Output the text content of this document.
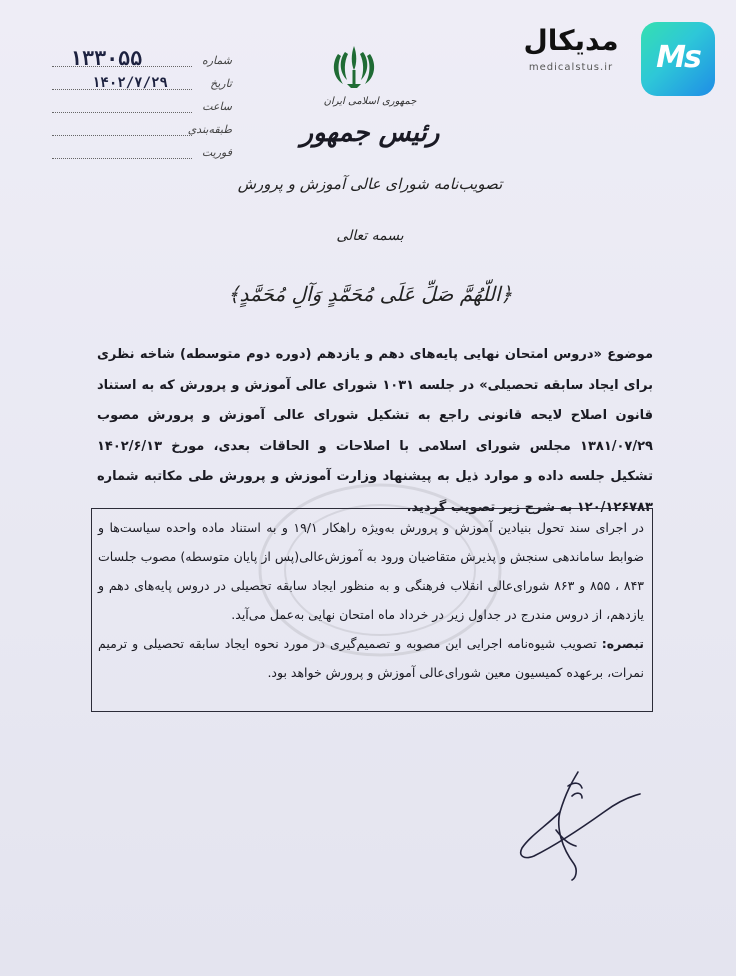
شماره
۱۳۳۰۵۵
تاریخ
۱۴۰۲/۷/۲۹
ساعت
طبقه‌بندی
فوریت
جمهوری اسلامی ایران
رئیس جمهور
تصویب‌نامه شورای عالی آموزش و پرورش
بسمه تعالی
﴿اللّهُمَّ صَلِّ عَلَى مُحَمَّدٍ وَآلِ مُحَمَّدٍ﴾
Ms
مدیکال
medicalstus.ir
موضوع «دروس امتحان نهایی پایه‌های دهم و یازدهم (دوره دوم متوسطه) شاخه نظری برای ایجاد سابقه تحصیلی» در جلسه ۱۰۳۱ شورای عالی آموزش و پرورش که به استناد قانون اصلاح لایحه قانونی راجع به تشکیل شورای عالی آموزش و پرورش مصوب ۱۳۸۱/۰۷/۲۹ مجلس شورای اسلامی با اصلاحات و الحاقات بعدی، مورخ ۱۴۰۲/۶/۱۳ تشکیل جلسه داده و موارد ذیل به پیشنهاد وزارت آموزش و پرورش طی مکاتبه شماره ۱۲۰/۱۲۶۷۸۳ به شرح زیر تصویب گردید.
در اجرای سند تحول بنیادین آموزش و پرورش به‌ویژه راهکار ۱۹/۱ و به استناد ماده واحده سیاست‌ها و ضوابط ساماندهی سنجش و پذیرش متقاضیان ورود به آموزش‌عالی(پس از پایان متوسطه) مصوب جلسات ۸۴۳ ، ۸۵۵ و ۸۶۳ شورای‌عالی انقلاب فرهنگی و به منظور ایجاد سابقه تحصیلی در دروس پایه‌های دهم و یازدهم، از دروس مندرج در جداول زیر در خرداد ماه امتحان نهایی به‌عمل می‌آید.
تبصره: تصویب شیوه‌نامه اجرایی این مصوبه و تصمیم‌گیری در مورد نحوه ایجاد سابقه تحصیلی و ترمیم نمرات، برعهده کمیسیون معین شورای‌عالی آموزش و پرورش خواهد بود.
